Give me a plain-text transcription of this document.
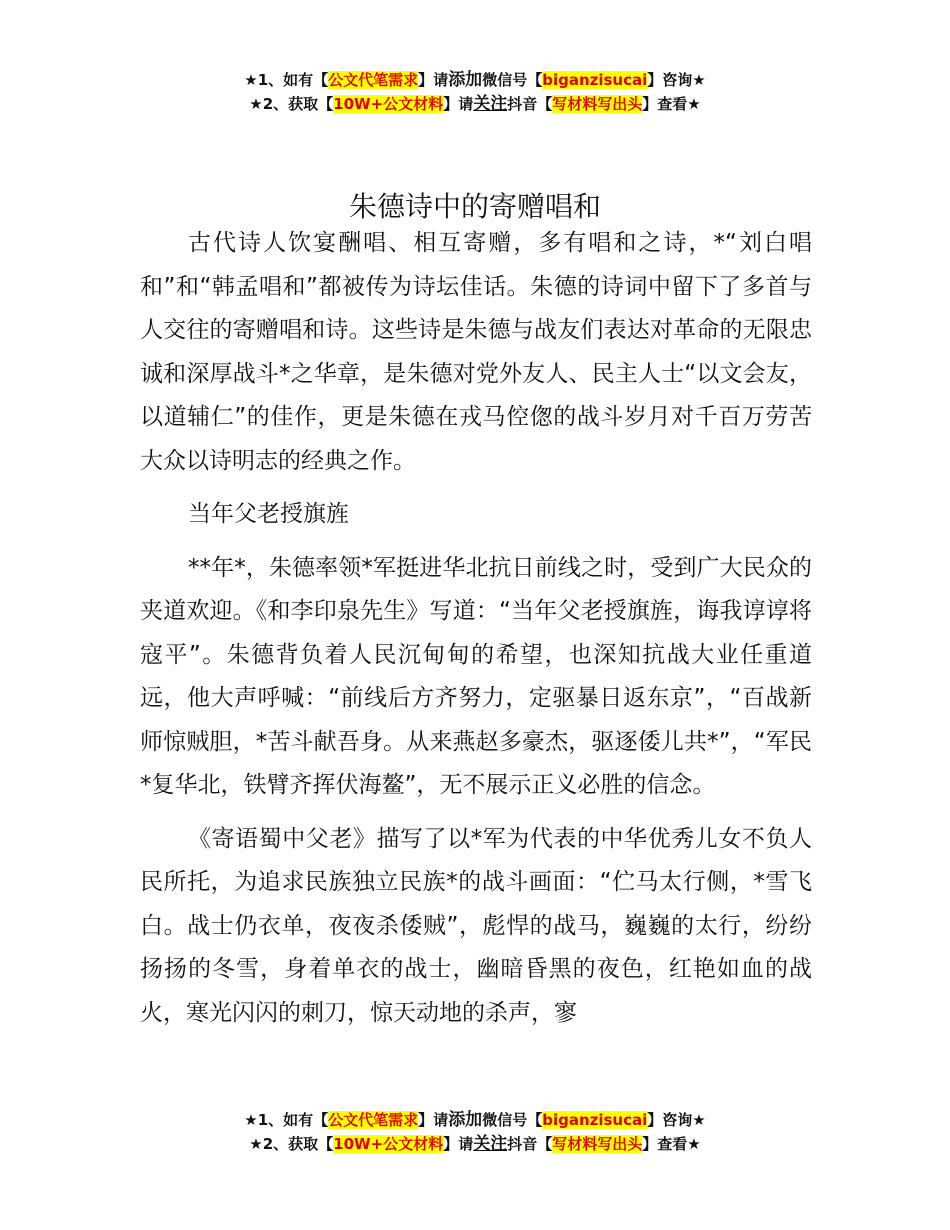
★1、如有【公文代笔需求】请添加微信号【biganzisucai】咨询★
★2、获取【10W+公文材料】请关注抖音【写材料写出头】查看★
朱德诗中的寄赠唱和

古代诗人饮宴酬唱、相互寄赠，多有唱和之诗，*“刘白唱和”和“韩孟唱和”都被传为诗坛佳话。朱德的诗词中留下了多首与人交往的寄赠唱和诗。这些诗是朱德与战友们表达对革命的无限忠诚和深厚战斗*之华章，是朱德对党外友人、民主人士“以文会友，以道辅仁”的佳作，更是朱德在戎马倥偬的战斗岁月对千百万劳苦大众以诗明志的经典之作。

当年父老授旗旌

**年*，朱德率领*军挺进华北抗日前线之时，受到广大民众的夹道欢迎。《和李印泉先生》写道：“当年父老授旗旌，诲我谆谆将寇平”。朱德背负着人民沉甸甸的希望，也深知抗战大业任重道远，他大声呼喊：“前线后方齐努力，定驱暴日返东京”，“百战新师惊贼胆，*苦斗献吾身。从来燕赵多豪杰，驱逐倭儿共*”，“军民*复华北，铁臂齐挥伏海鳌”，无不展示正义必胜的信念。

《寄语蜀中父老》描写了以*军为代表的中华优秀儿女不负人民所托，为追求民族独立民族*的战斗画面：“伫马太行侧，*雪飞白。战士仍衣单，夜夜杀倭贼”，彪悍的战马，巍巍的太行，纷纷扬扬的冬雪，身着单衣的战士，幽暗昏黑的夜色，红艳如血的战火，寒光闪闪的刺刀，惊天动地的杀声，寥

★1、如有【公文代笔需求】请添加微信号【biganzisucai】咨询★
★2、获取【10W+公文材料】请关注抖音【写材料写出头】查看★
